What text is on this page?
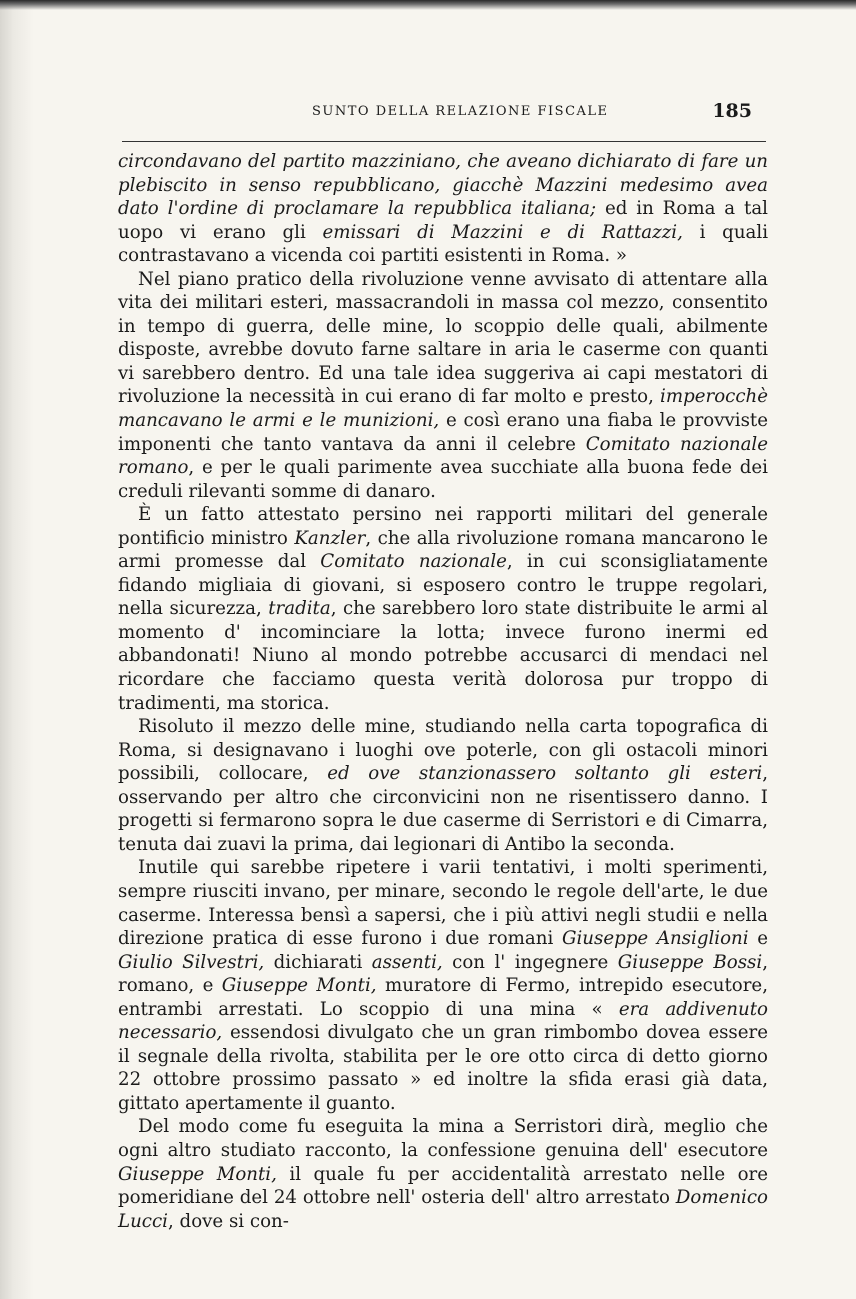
SUNTO DELLA RELAZIONE FISCALE	185

circondavano del partito mazziniano, che aveano dichiarato di fare un plebiscito in senso repubblicano, giacchè Mazzini medesimo avea dato l'ordine di proclamare la repubblica italiana; ed in Roma a tal uopo vi erano gli emissari di Mazzini e di Rattazzi, i quali contrastavano a vicenda coi partiti esistenti in Roma. »

Nel piano pratico della rivoluzione venne avvisato di attentare alla vita dei militari esteri, massacrandoli in massa col mezzo, consentito in tempo di guerra, delle mine, lo scoppio delle quali, abilmente disposte, avrebbe dovuto farne saltare in aria le caserme con quanti vi sarebbero dentro. Ed una tale idea suggeriva ai capi mestatori di rivoluzione la necessità in cui erano di far molto e presto, imperocchè mancavano le armi e le munizioni, e così erano una fiaba le provviste imponenti che tanto vantava da anni il celebre Comitato nazionale romano, e per le quali parimente avea succhiate alla buona fede dei creduli rilevanti somme di danaro.

È un fatto attestato persino nei rapporti militari del generale pontificio ministro Kanzler, che alla rivoluzione romana mancarono le armi promesse dal Comitato nazionale, in cui sconsigliatamente fidando migliaia di giovani, si esposero contro le truppe regolari, nella sicurezza, tradita, che sarebbero loro state distribuite le armi al momento d' incominciare la lotta; invece furono inermi ed abbandonati! Niuno al mondo potrebbe accusarci di mendaci nel ricordare che facciamo questa verità dolorosa pur troppo di tradimenti, ma storica.

Risoluto il mezzo delle mine, studiando nella carta topografica di Roma, si designavano i luoghi ove poterle, con gli ostacoli minori possibili, collocare, ed ove stanzionassero soltanto gli esteri, osservando per altro che circonvicini non ne risentissero danno. I progetti si fermarono sopra le due caserme di Serristori e di Cimarra, tenuta dai zuavi la prima, dai legionari di Antibo la seconda.

Inutile qui sarebbe ripetere i varii tentativi, i molti sperimenti, sempre riusciti invano, per minare, secondo le regole dell'arte, le due caserme. Interessa bensì a sapersi, che i più attivi negli studii e nella direzione pratica di esse furono i due romani Giuseppe Ansiglioni e Giulio Silvestri, dichiarati assenti, con l' ingegnere Giuseppe Bossi, romano, e Giuseppe Monti, muratore di Fermo, intrepido esecutore, entrambi arrestati. Lo scoppio di una mina « era addivenuto necessario, essendosi divulgato che un gran rimbombo dovea essere il segnale della rivolta, stabilita per le ore otto circa di detto giorno 22 ottobre prossimo passato » ed inoltre la sfida erasi già data, gittato apertamente il guanto.

Del modo come fu eseguita la mina a Serristori dirà, meglio che ogni altro studiato racconto, la confessione genuina dell' esecutore Giuseppe Monti, il quale fu per accidentalità arrestato nelle ore pomeridiane del 24 ottobre nell' osteria dell' altro arrestato Domenico Lucci, dove si con-
